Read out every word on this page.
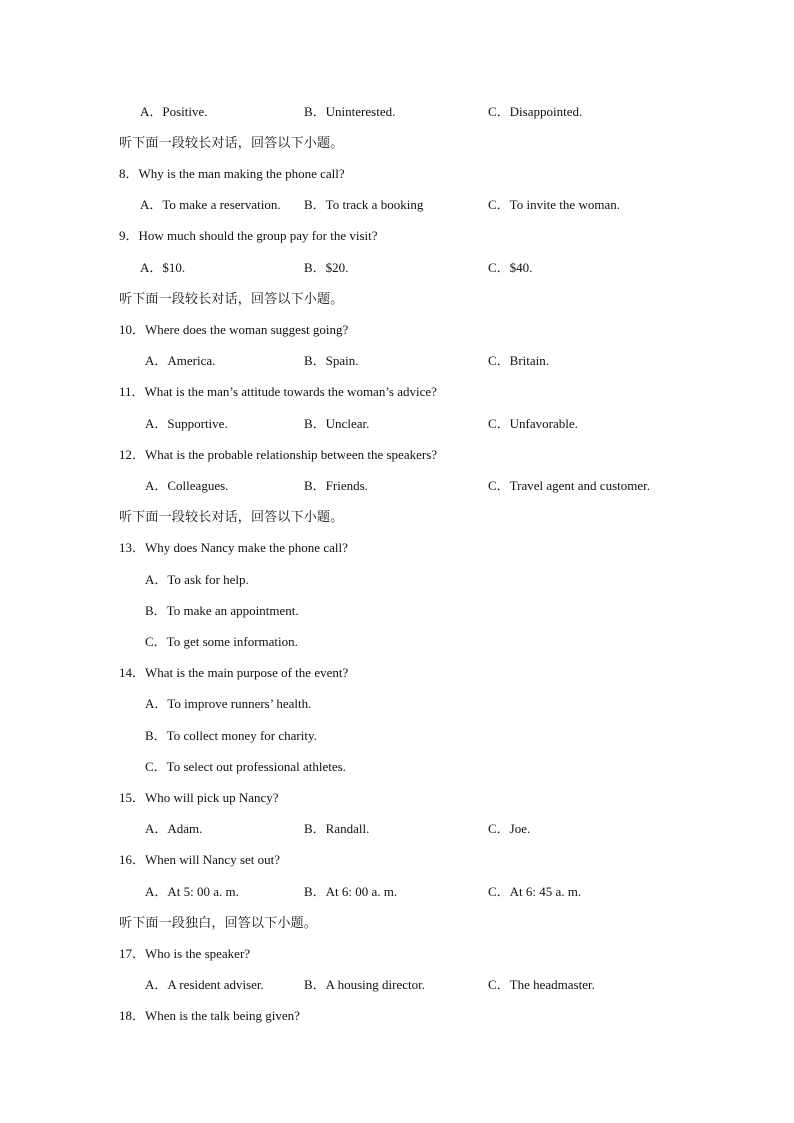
A．Positive.	B．Uninterested.	C．Disappointed.
听下面一段较长对话，回答以下小题。
8．Why is the man making the phone call?
A．To make a reservation. B．To track a booking	C．To invite the woman.
9．How much should the group pay for the visit?
A．$10.	B．$20.	C．$40.
听下面一段较长对话，回答以下小题。
10．Where does the woman suggest going?
A．America.	B．Spain.	C．Britain.
11．What is the man’s attitude towards the woman’s advice?
A．Supportive.	B．Unclear.	C．Unfavorable.
12．What is the probable relationship between the speakers?
A．Colleagues.	B．Friends.	C．Travel agent and customer.
听下面一段较长对话，回答以下小题。
13．Why does Nancy make the phone call?
A．To ask for help.
B．To make an appointment.
C．To get some information.
14．What is the main purpose of the event?
A．To improve runners’ health.
B．To collect money for charity.
C．To select out professional athletes.
15．Who will pick up Nancy?
A．Adam.	B．Randall.	C．Joe.
16．When will Nancy set out?
A．At 5: 00 a. m.	B．At 6: 00 a. m.	C．At 6: 45 a. m.
听下面一段独白，回答以下小题。
17．Who is the speaker?
A．A resident adviser.	B．A housing director.	C．The headmaster.
18．When is the talk being given?
